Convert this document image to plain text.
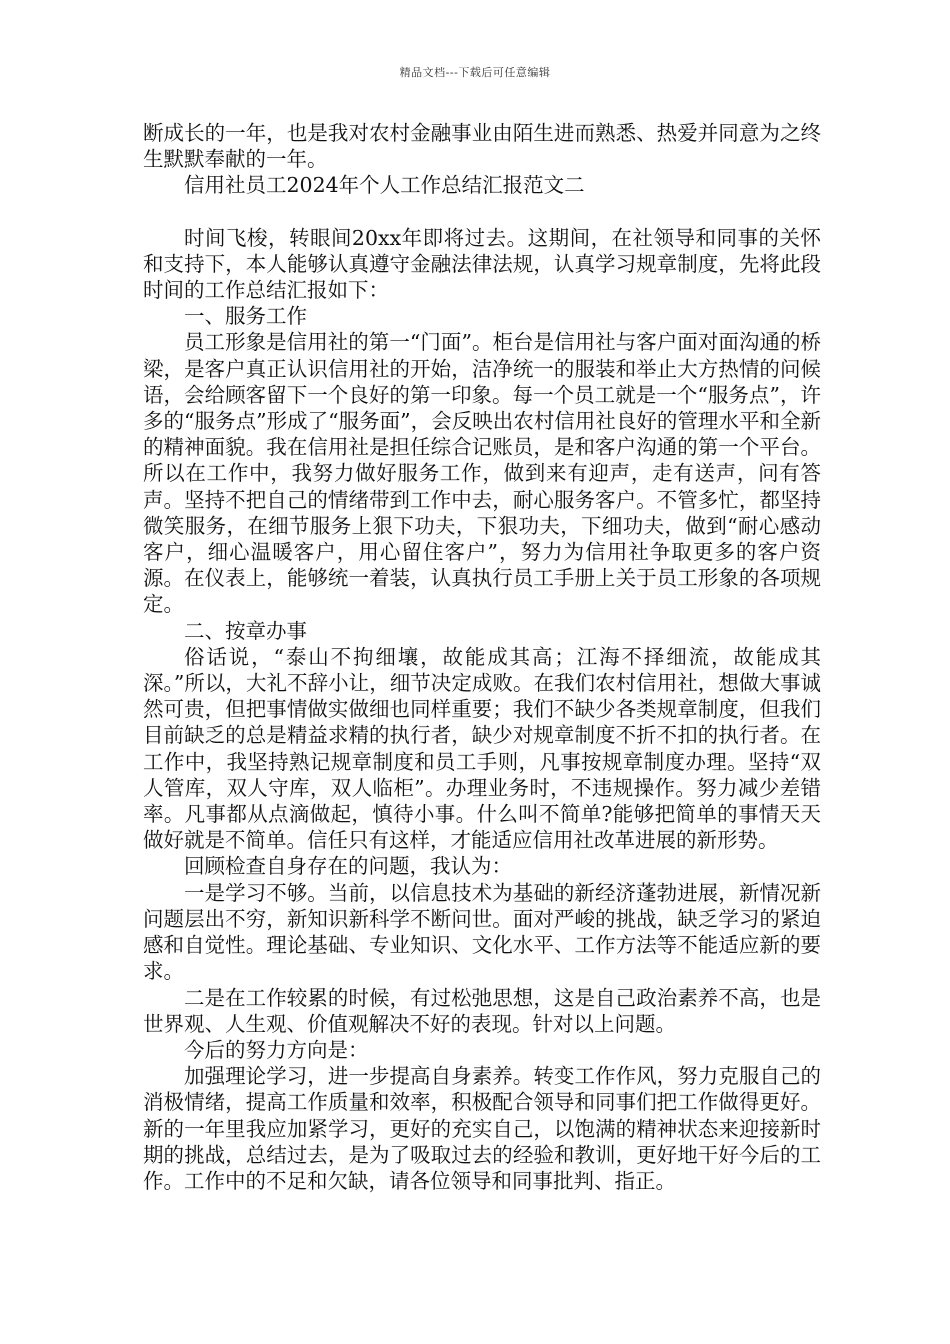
精品文档---下载后可任意编辑

断成长的一年，也是我对农村金融事业由陌生进而熟悉、热爱并同意为之终生默默奉献的一年。

信用社员工2024年个人工作总结汇报范文二

时间飞梭，转眼间20xx年即将过去。这期间，在社领导和同事的关怀和支持下，本人能够认真遵守金融法律法规，认真学习规章制度，先将此段时间的工作总结汇报如下：

一、服务工作

员工形象是信用社的第一“门面”。柜台是信用社与客户面对面沟通的桥梁，是客户真正认识信用社的开始，洁净统一的服装和举止大方热情的问候语，会给顾客留下一个良好的第一印象。每一个员工就是一个“服务点”，许多的“服务点”形成了“服务面”，会反映出农村信用社良好的管理水平和全新的精神面貌。我在信用社是担任综合记账员，是和客户沟通的第一个平台。所以在工作中，我努力做好服务工作，做到来有迎声，走有送声，问有答声。坚持不把自己的情绪带到工作中去，耐心服务客户。不管多忙，都坚持微笑服务，在细节服务上狠下功夫，下狠功夫，下细功夫，做到“耐心感动客户，细心温暖客户，用心留住客户”，努力为信用社争取更多的客户资源。在仪表上，能够统一着装，认真执行员工手册上关于员工形象的各项规定。

二、按章办事

俗话说，“泰山不拘细壤，故能成其高；江海不择细流，故能成其深。”所以，大礼不辞小让，细节决定成败。在我们农村信用社，想做大事诚然可贵，但把事情做实做细也同样重要；我们不缺少各类规章制度，但我们目前缺乏的总是精益求精的执行者，缺少对规章制度不折不扣的执行者。在工作中，我坚持熟记规章制度和员工手则，凡事按规章制度办理。坚持“双人管库，双人守库，双人临柜”。办理业务时，不违规操作。努力减少差错率。凡事都从点滴做起，慎待小事。什么叫不简单?能够把简单的事情天天做好就是不简单。信任只有这样，才能适应信用社改革进展的新形势。

回顾检查自身存在的问题，我认为：

一是学习不够。当前，以信息技术为基础的新经济蓬勃进展，新情况新问题层出不穷，新知识新科学不断问世。面对严峻的挑战，缺乏学习的紧迫感和自觉性。理论基础、专业知识、文化水平、工作方法等不能适应新的要求。

二是在工作较累的时候，有过松弛思想，这是自己政治素养不高，也是世界观、人生观、价值观解决不好的表现。针对以上问题。

今后的努力方向是：

加强理论学习，进一步提高自身素养。转变工作作风，努力克服自己的消极情绪，提高工作质量和效率，积极配合领导和同事们把工作做得更好。新的一年里我应加紧学习，更好的充实自己，以饱满的精神状态来迎接新时期的挑战，总结过去，是为了吸取过去的经验和教训，更好地干好今后的工作。工作中的不足和欠缺，请各位领导和同事批判、指正。
